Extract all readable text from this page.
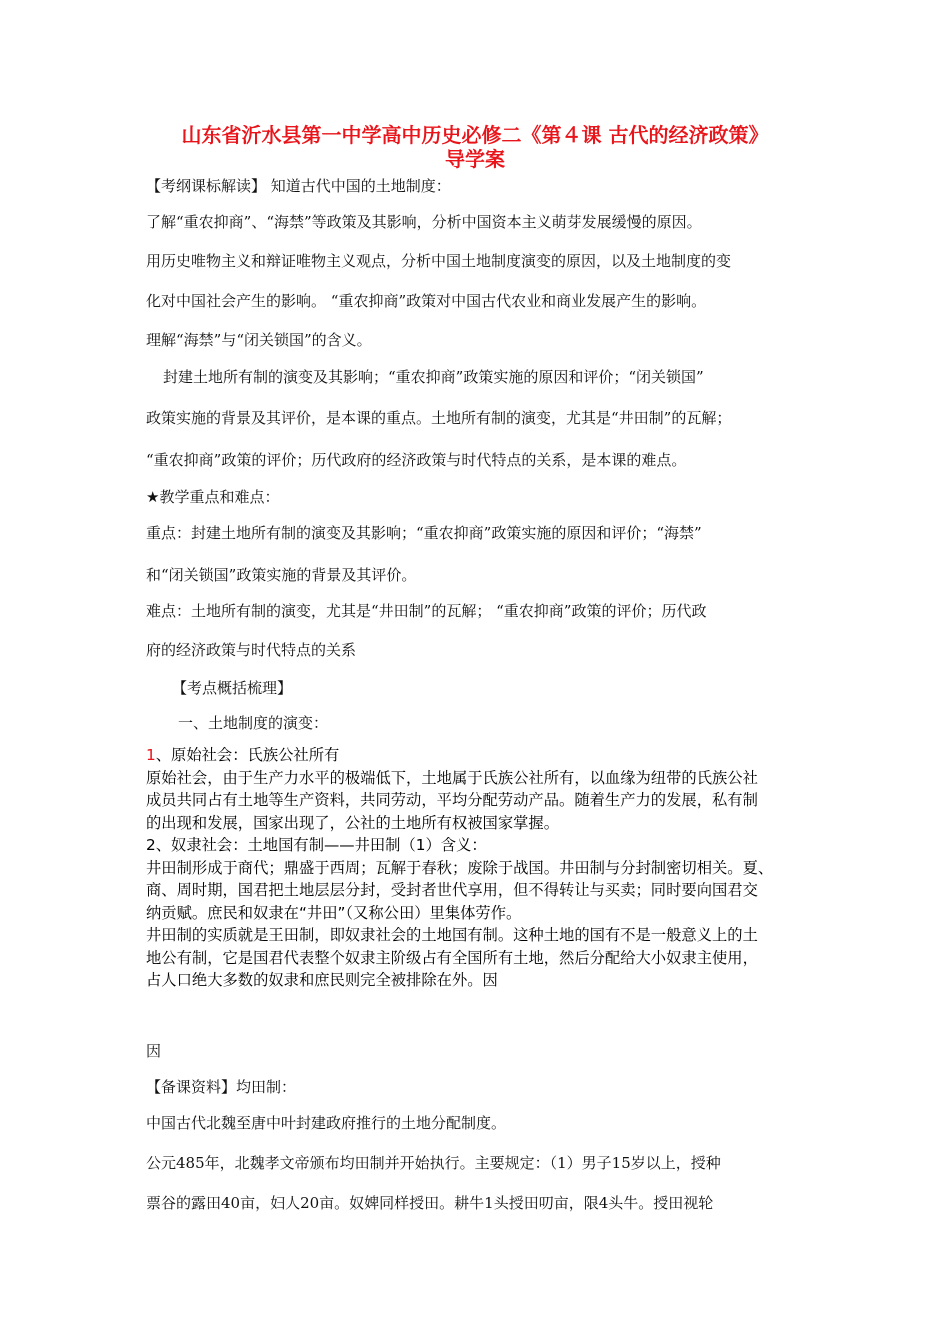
山东省沂水县第一中学高中历史必修二《第４课 古代的经济政策》
导学案
【考纲课标解读】 知道古代中国的土地制度：
了解“重农抑商”、“海禁”等政策及其影响，分析中国资本主义萌芽发展缓慢的原因。
用历史唯物主义和辩证唯物主义观点，分析中国土地制度演变的原因，以及土地制度的变
化对中国社会产生的影响。 “重农抑商”政策对中国古代农业和商业发展产生的影响。
理解“海禁”与“闭关锁国”的含义。
封建土地所有制的演变及其影响；“重农抑商”政策实施的原因和评价；“闭关锁国”
政策实施的背景及其评价，是本课的重点。土地所有制的演变，尤其是“井田制”的瓦解；
“重农抑商”政策的评价；历代政府的经济政策与时代特点的关系，是本课的难点。
★教学重点和难点：
重点：封建土地所有制的演变及其影响；“重农抑商”政策实施的原因和评价；“海禁”
和“闭关锁国”政策实施的背景及其评价。
难点：土地所有制的演变，尤其是“井田制”的瓦解； “重农抑商”政策的评价；历代政
府的经济政策与时代特点的关系
【考点概括梳理】
一、土地制度的演变：

1、原始社会：氏族公社所有

原始社会，由于生产力水平的极端低下，土地属于氏族公社所有，以血缘为纽带的氏族公社

成员共同占有土地等生产资料，共同劳动，平均分配劳动产品。随着生产力的发展，私有制

的出现和发展，国家出现了，公社的土地所有权被国家掌握。

2、奴隶社会：土地国有制——井田制（1）含义：

井田制形成于商代；鼎盛于西周；瓦解于春秋；废除于战国。井田制与分封制密切相关。夏、

商、周时期，国君把土地层层分封，受封者世代享用，但不得转让与买卖；同时要向国君交

纳贡赋。庶民和奴隶在“井田”（又称公田）里集体劳作。

井田制的实质就是王田制，即奴隶社会的土地国有制。这种土地的国有不是一般意义上的土

地公有制，它是国君代表整个奴隶主阶级占有全国所有土地，然后分配给大小奴隶主使用，

占人口绝大多数的奴隶和庶民则完全被排除在外。因

因
【备课资料】均田制：
中国古代北魏至唐中叶封建政府推行的土地分配制度。
公元485年，北魏孝文帝颁布均田制并开始执行。主要规定：（1）男子15岁以上，授种
票谷的露田40亩，妇人20亩。奴婢同样授田。耕牛1头授田叨亩，限4头牛。授田视轮
